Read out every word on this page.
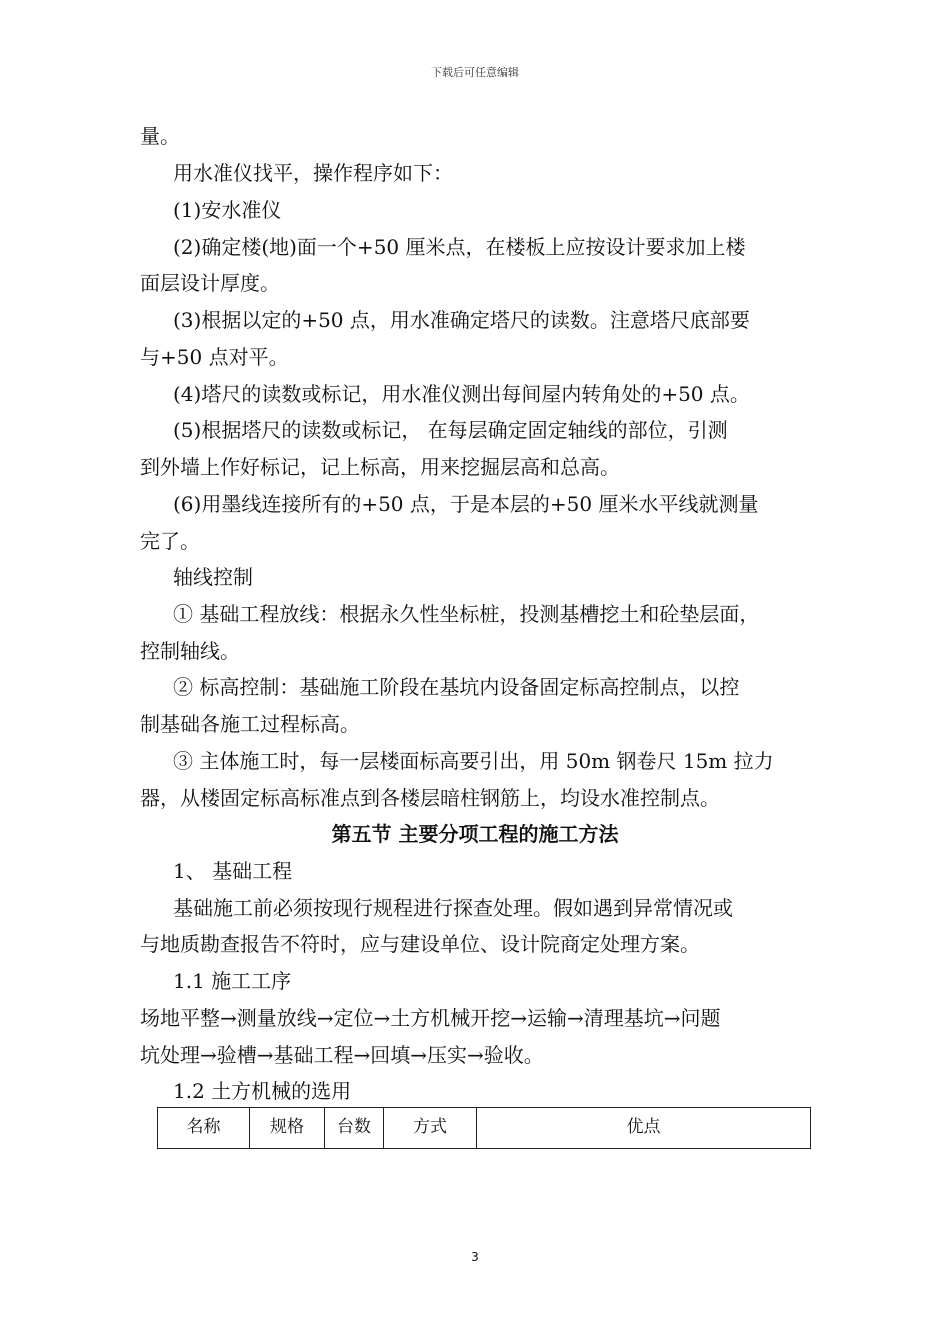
下载后可任意编辑
量。
用水准仪找平，操作程序如下：
(1)安水准仪
(2)确定楼(地)面一个+50 厘米点，在楼板上应按设计要求加上楼
面层设计厚度。
(3)根据以定的+50 点，用水准确定塔尺的读数。注意塔尺底部要
与+50 点对平。
(4)塔尺的读数或标记，用水准仪测出每间屋内转角处的+50 点。
(5)根据塔尺的读数或标记， 在每层确定固定轴线的部位，引测
到外墙上作好标记，记上标高，用来挖掘层高和总高。
(6)用墨线连接所有的+50 点，于是本层的+50 厘米水平线就测量
完了。
轴线控制
① 基础工程放线：根据永久性坐标桩，投测基槽挖土和砼垫层面，
控制轴线。
② 标高控制：基础施工阶段在基坑内设备固定标高控制点，以控
制基础各施工过程标高。
③ 主体施工时，每一层楼面标高要引出，用 50m 钢卷尺 15m 拉力
器，从楼固定标高标准点到各楼层暗柱钢筋上，均设水准控制点。
第五节 主要分项工程的施工方法
1、 基础工程
基础施工前必须按现行规程进行探查处理。假如遇到异常情况或
与地质勘查报告不符时，应与建设单位、设计院商定处理方案。
1.1 施工工序
场地平整→测量放线→定位→土方机械开挖→运输→清理基坑→问题
坑处理→验槽→基础工程→回填→压实→验收。
1.2 土方机械的选用
名称	规格	台数	方式	优点
3
